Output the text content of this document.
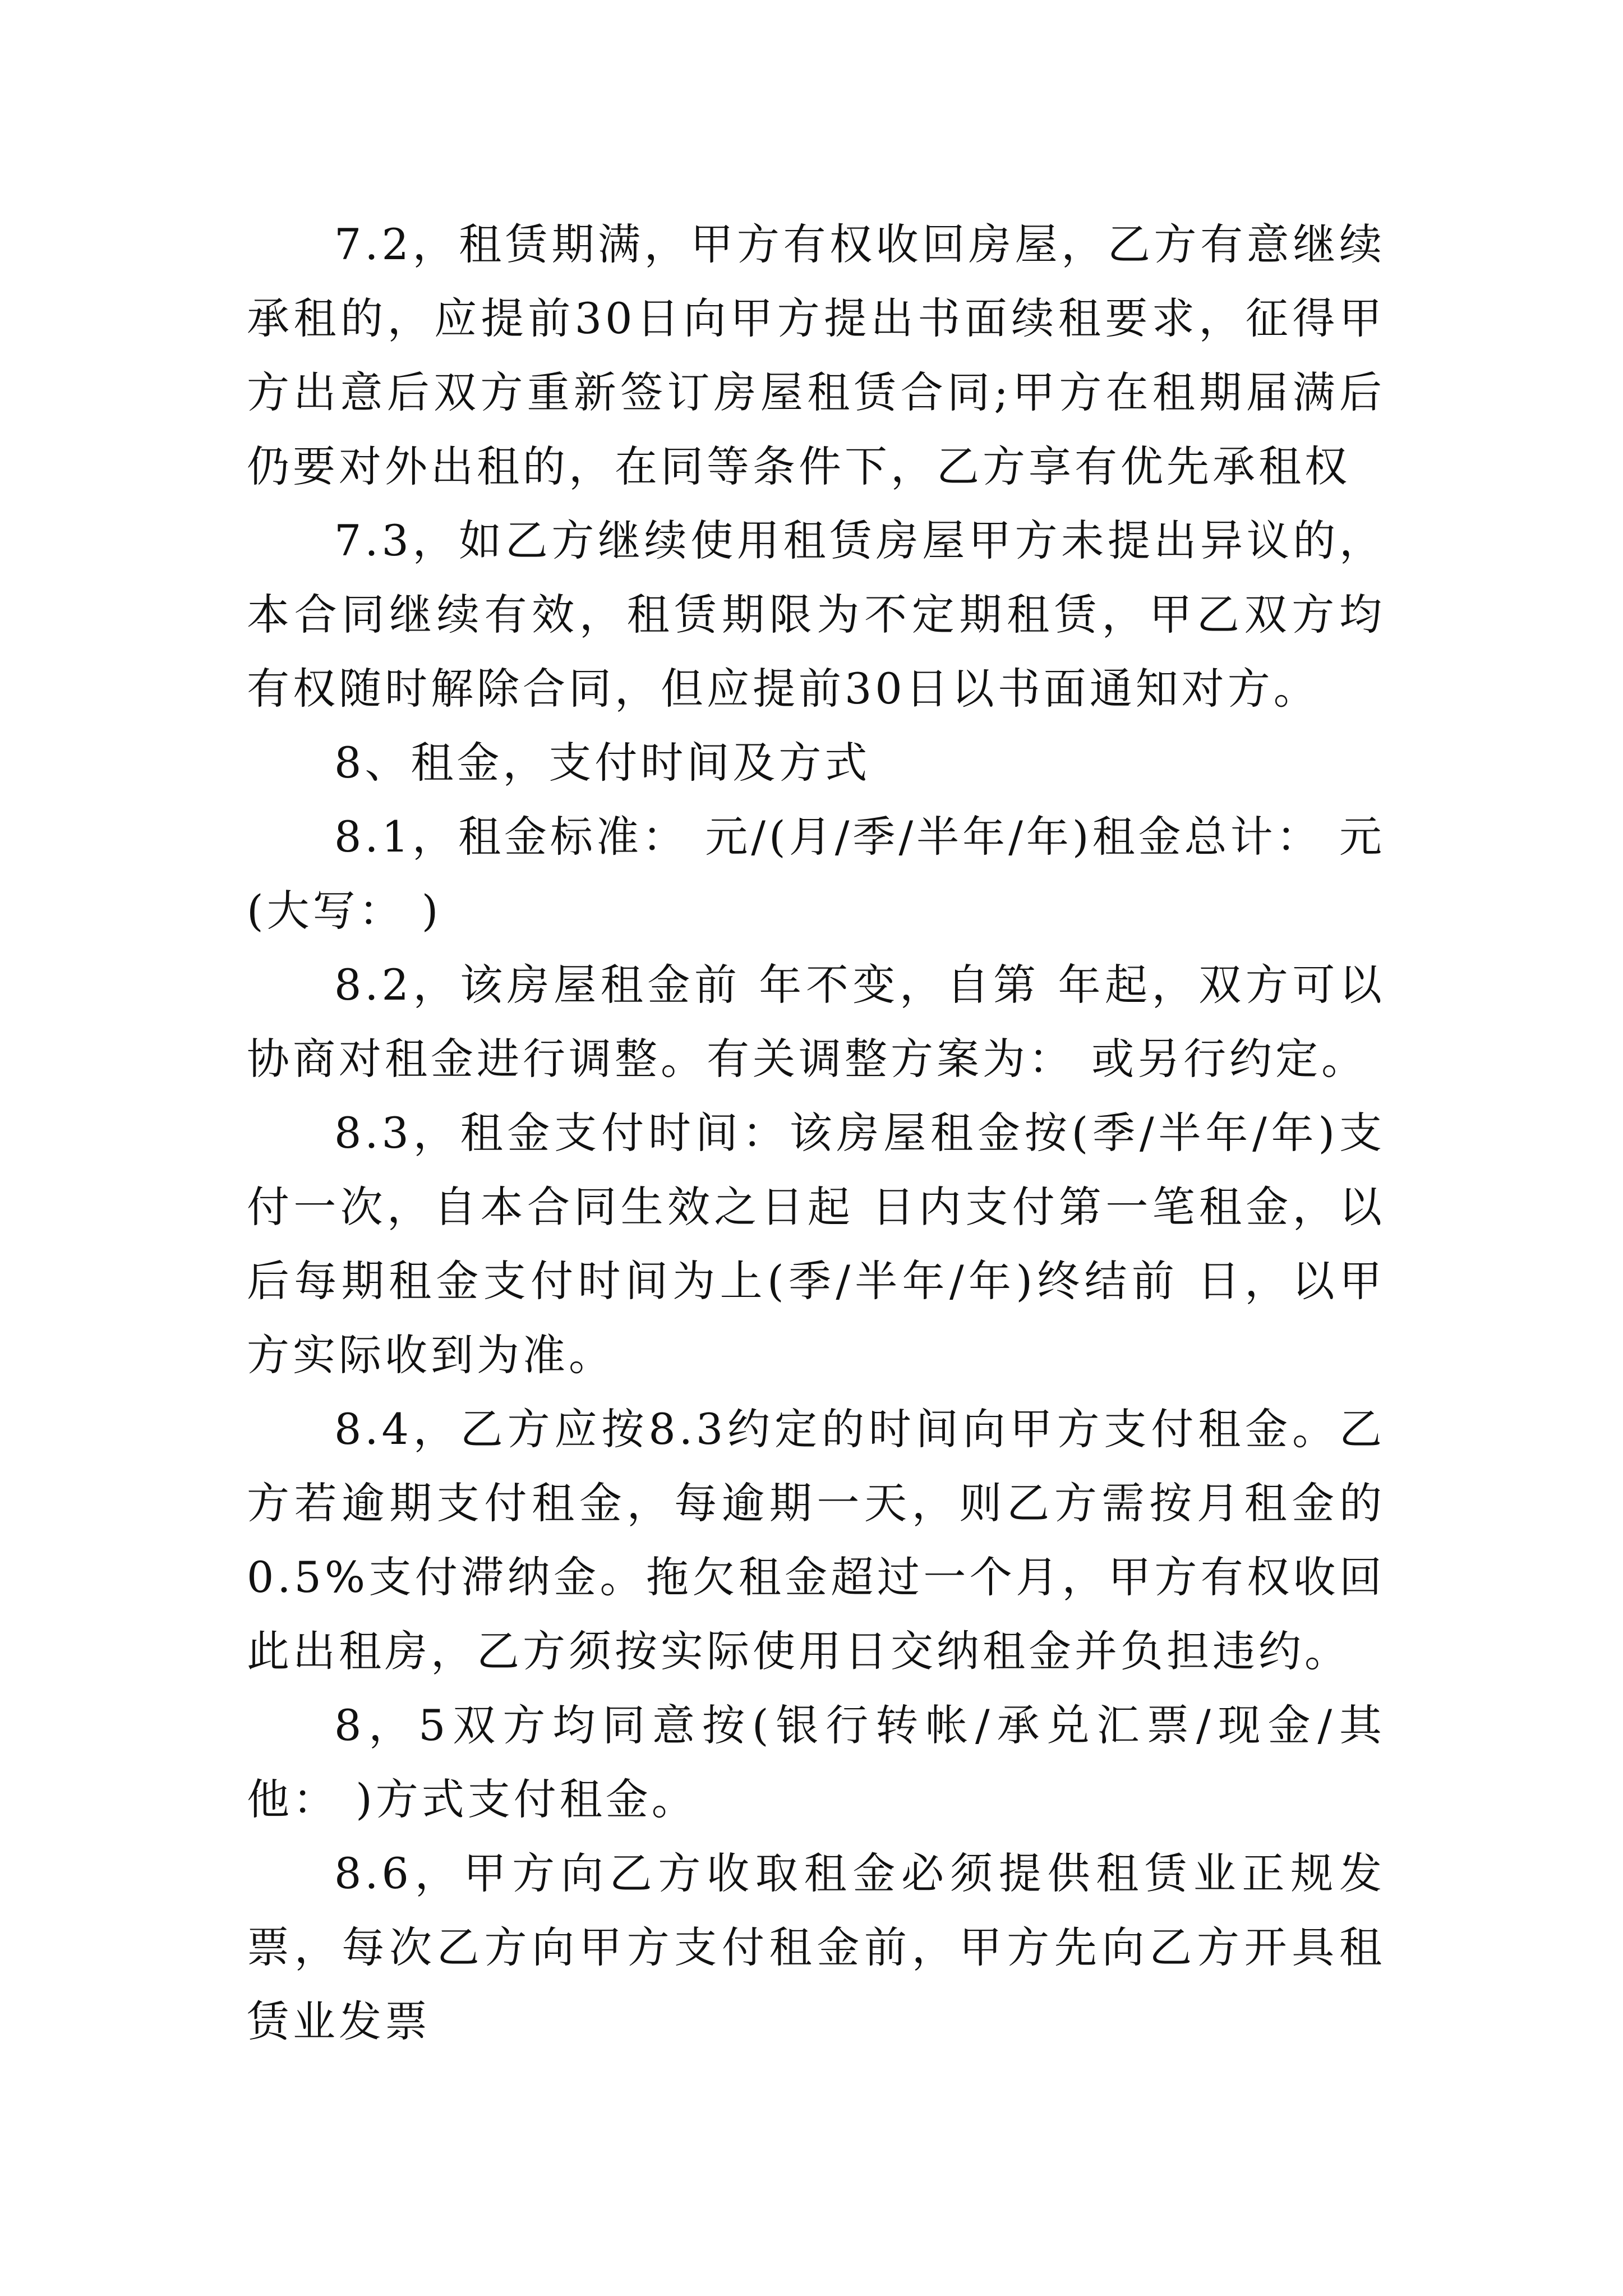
7.2，租赁期满，甲方有权收回房屋，乙方有意继续承租的，应提前30日向甲方提出书面续租要求，征得甲方出意后双方重新签订房屋租赁合同;甲方在租期届满后仍要对外出租的，在同等条件下，乙方享有优先承租权

7.3，如乙方继续使用租赁房屋甲方未提出异议的，本合同继续有效，租赁期限为不定期租赁，甲乙双方均有权随时解除合同，但应提前30日以书面通知对方。

8、租金，支付时间及方式

8.1，租金标准： 元/(月/季/半年/年)租金总计： 元(大写： )

8.2，该房屋租金前 年不变，自第 年起，双方可以协商对租金进行调整。有关调整方案为： 或另行约定。

8.3，租金支付时间：该房屋租金按(季/半年/年)支付一次，自本合同生效之日起 日内支付第一笔租金，以后每期租金支付时间为上(季/半年/年)终结前 日，以甲方实际收到为准。

8.4，乙方应按8.3约定的时间向甲方支付租金。乙方若逾期支付租金，每逾期一天，则乙方需按月租金的0.5%支付滞纳金。拖欠租金超过一个月，甲方有权收回此出租房，乙方须按实际使用日交纳租金并负担违约。

8，5双方均同意按(银行转帐/承兑汇票/现金/其他： )方式支付租金。

8.6，甲方向乙方收取租金必须提供租赁业正规发票，每次乙方向甲方支付租金前，甲方先向乙方开具租赁业发票
